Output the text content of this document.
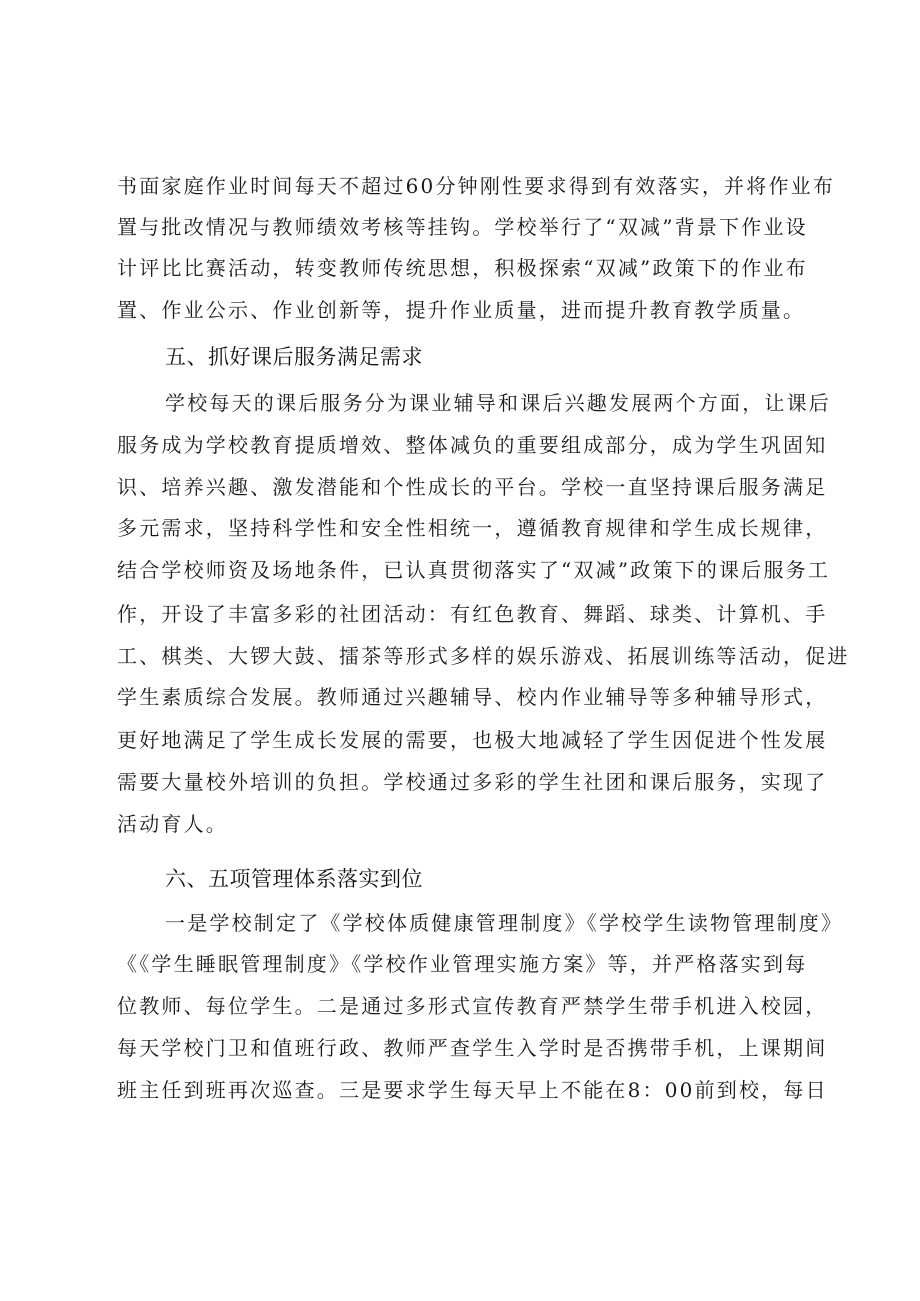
书面家庭作业时间每天不超过60分钟刚性要求得到有效落实，并将作业布
置与批改情况与教师绩效考核等挂钩。学校举行了“双减”背景下作业设
计评比比赛活动，转变教师传统思想，积极探索“双减”政策下的作业布
置、作业公示、作业创新等，提升作业质量，进而提升教育教学质量。
五、抓好课后服务满足需求
学校每天的课后服务分为课业辅导和课后兴趣发展两个方面，让课后
服务成为学校教育提质增效、整体减负的重要组成部分，成为学生巩固知
识、培养兴趣、激发潜能和个性成长的平台。学校一直坚持课后服务满足
多元需求，坚持科学性和安全性相统一，遵循教育规律和学生成长规律，
结合学校师资及场地条件，已认真贯彻落实了“双减”政策下的课后服务工
作，开设了丰富多彩的社团活动：有红色教育、舞蹈、球类、计算机、手
工、棋类、大锣大鼓、擂茶等形式多样的娱乐游戏、拓展训练等活动，促进
学生素质综合发展。教师通过兴趣辅导、校内作业辅导等多种辅导形式，
更好地满足了学生成长发展的需要，也极大地减轻了学生因促进个性发展
需要大量校外培训的负担。学校通过多彩的学生社团和课后服务，实现了
活动育人。
六、五项管理体系落实到位
一是学校制定了《学校体质健康管理制度》《学校学生读物管理制度》
《《学生睡眠管理制度》《学校作业管理实施方案》等，并严格落实到每
位教师、每位学生。二是通过多形式宣传教育严禁学生带手机进入校园，
每天学校门卫和值班行政、教师严查学生入学时是否携带手机，上课期间
班主任到班再次巡查。三是要求学生每天早上不能在8：00前到校，每日
